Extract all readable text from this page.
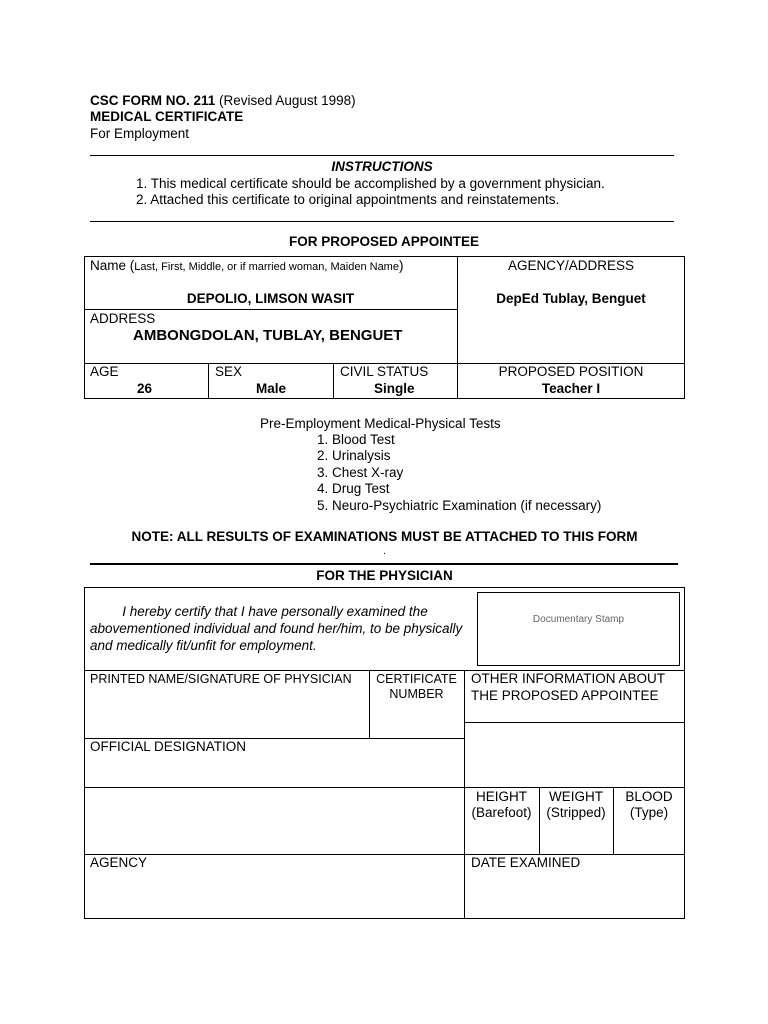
CSC FORM NO. 211 (Revised August 1998)
MEDICAL CERTIFICATE
For Employment
INSTRUCTIONS
1. This medical certificate should be accomplished by a government physician.
2. Attached this certificate to original appointments and reinstatements.
FOR PROPOSED APPOINTEE
Name (Last, First, Middle, or if married woman, Maiden Name)
DEPOLIO, LIMSON WASIT
AGENCY/ADDRESS
DepEd Tublay, Benguet
ADDRESS
AMBONGDOLAN, TUBLAY, BENGUET
AGE
26
SEX
Male
CIVIL STATUS
Single
PROPOSED POSITION
Teacher I
Pre-Employment Medical-Physical Tests
1. Blood Test
2. Urinalysis
3. Chest X-ray
4. Drug Test
5. Neuro-Psychiatric Examination (if necessary)
NOTE: ALL RESULTS OF EXAMINATIONS MUST BE ATTACHED TO THIS FORM
.
FOR THE PHYSICIAN
I hereby certify that I have personally examined the
abovementioned individual and found her/him, to be physically
and medically fit/unfit for employment.
Documentary Stamp
PRINTED NAME/SIGNATURE OF PHYSICIAN	CERTIFICATE
NUMBER
OTHER INFORMATION ABOUT
THE PROPOSED APPOINTEE
OFFICIAL DESIGNATION
HEIGHT
(Barefoot)
WEIGHT
(Stripped)
BLOOD
(Type)
AGENCY	DATE EXAMINED
